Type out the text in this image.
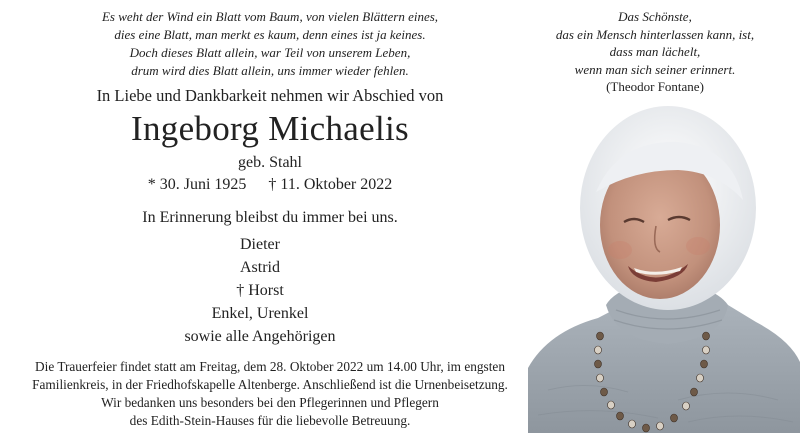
Es weht der Wind ein Blatt vom Baum, von vielen Blättern eines,
dies eine Blatt, man merkt es kaum, denn eines ist ja keines.
Doch dieses Blatt allein, war Teil von unserem Leben,
drum wird dies Blatt allein, uns immer wieder fehlen.
Das Schönste,
das ein Mensch hinterlassen kann, ist,
dass man lächelt,
wenn man sich seiner erinnert.
(Theodor Fontane)
In Liebe und Dankbarkeit nehmen wir Abschied von
Ingeborg Michaelis
geb. Stahl
* 30. Juni 1925 † 11. Oktober 2022
In Erinnerung bleibst du immer bei uns.
Dieter
Astrid
† Horst
Enkel, Urenkel
sowie alle Angehörigen
Die Trauerfeier findet statt am Freitag, dem 28. Oktober 2022 um 14.00 Uhr, im engsten
Familienkreis, in der Friedhofskapelle Altenberge. Anschließend ist die Urnenbeisetzung.
Wir bedanken uns besonders bei den Pflegerinnen und Pflegern
des Edith-Stein-Hauses für die liebevolle Betreuung.
